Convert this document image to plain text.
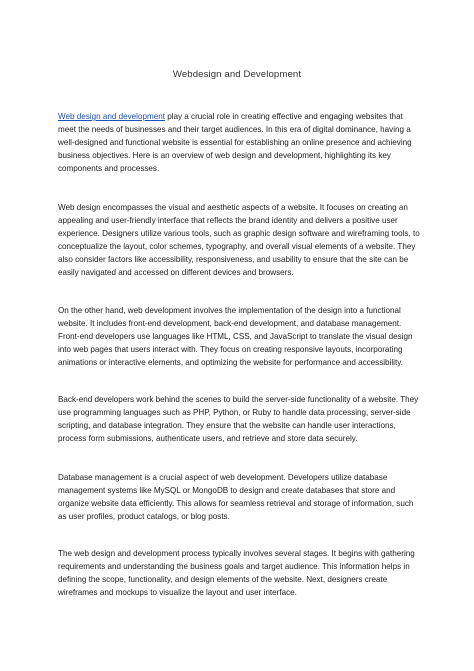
Webdesign and Development

Web design and development play a crucial role in creating effective and engaging websites that meet the needs of businesses and their target audiences. In this era of digital dominance, having a well-designed and functional website is essential for establishing an online presence and achieving business objectives. Here is an overview of web design and development, highlighting its key components and processes.

Web design encompasses the visual and aesthetic aspects of a website. It focuses on creating an appealing and user-friendly interface that reflects the brand identity and delivers a positive user experience. Designers utilize various tools, such as graphic design software and wireframing tools, to conceptualize the layout, color schemes, typography, and overall visual elements of a website. They also consider factors like accessibility, responsiveness, and usability to ensure that the site can be easily navigated and accessed on different devices and browsers.

On the other hand, web development involves the implementation of the design into a functional website. It includes front-end development, back-end development, and database management. Front-end developers use languages like HTML, CSS, and JavaScript to translate the visual design into web pages that users interact with. They focus on creating responsive layouts, incorporating animations or interactive elements, and optimizing the website for performance and accessibility.

Back-end developers work behind the scenes to build the server-side functionality of a website. They use programming languages such as PHP, Python, or Ruby to handle data processing, server-side scripting, and database integration. They ensure that the website can handle user interactions, process form submissions, authenticate users, and retrieve and store data securely.

Database management is a crucial aspect of web development. Developers utilize database management systems like MySQL or MongoDB to design and create databases that store and organize website data efficiently. This allows for seamless retrieval and storage of information, such as user profiles, product catalogs, or blog posts.

The web design and development process typically involves several stages. It begins with gathering requirements and understanding the business goals and target audience. This information helps in defining the scope, functionality, and design elements of the website. Next, designers create wireframes and mockups to visualize the layout and user interface.
